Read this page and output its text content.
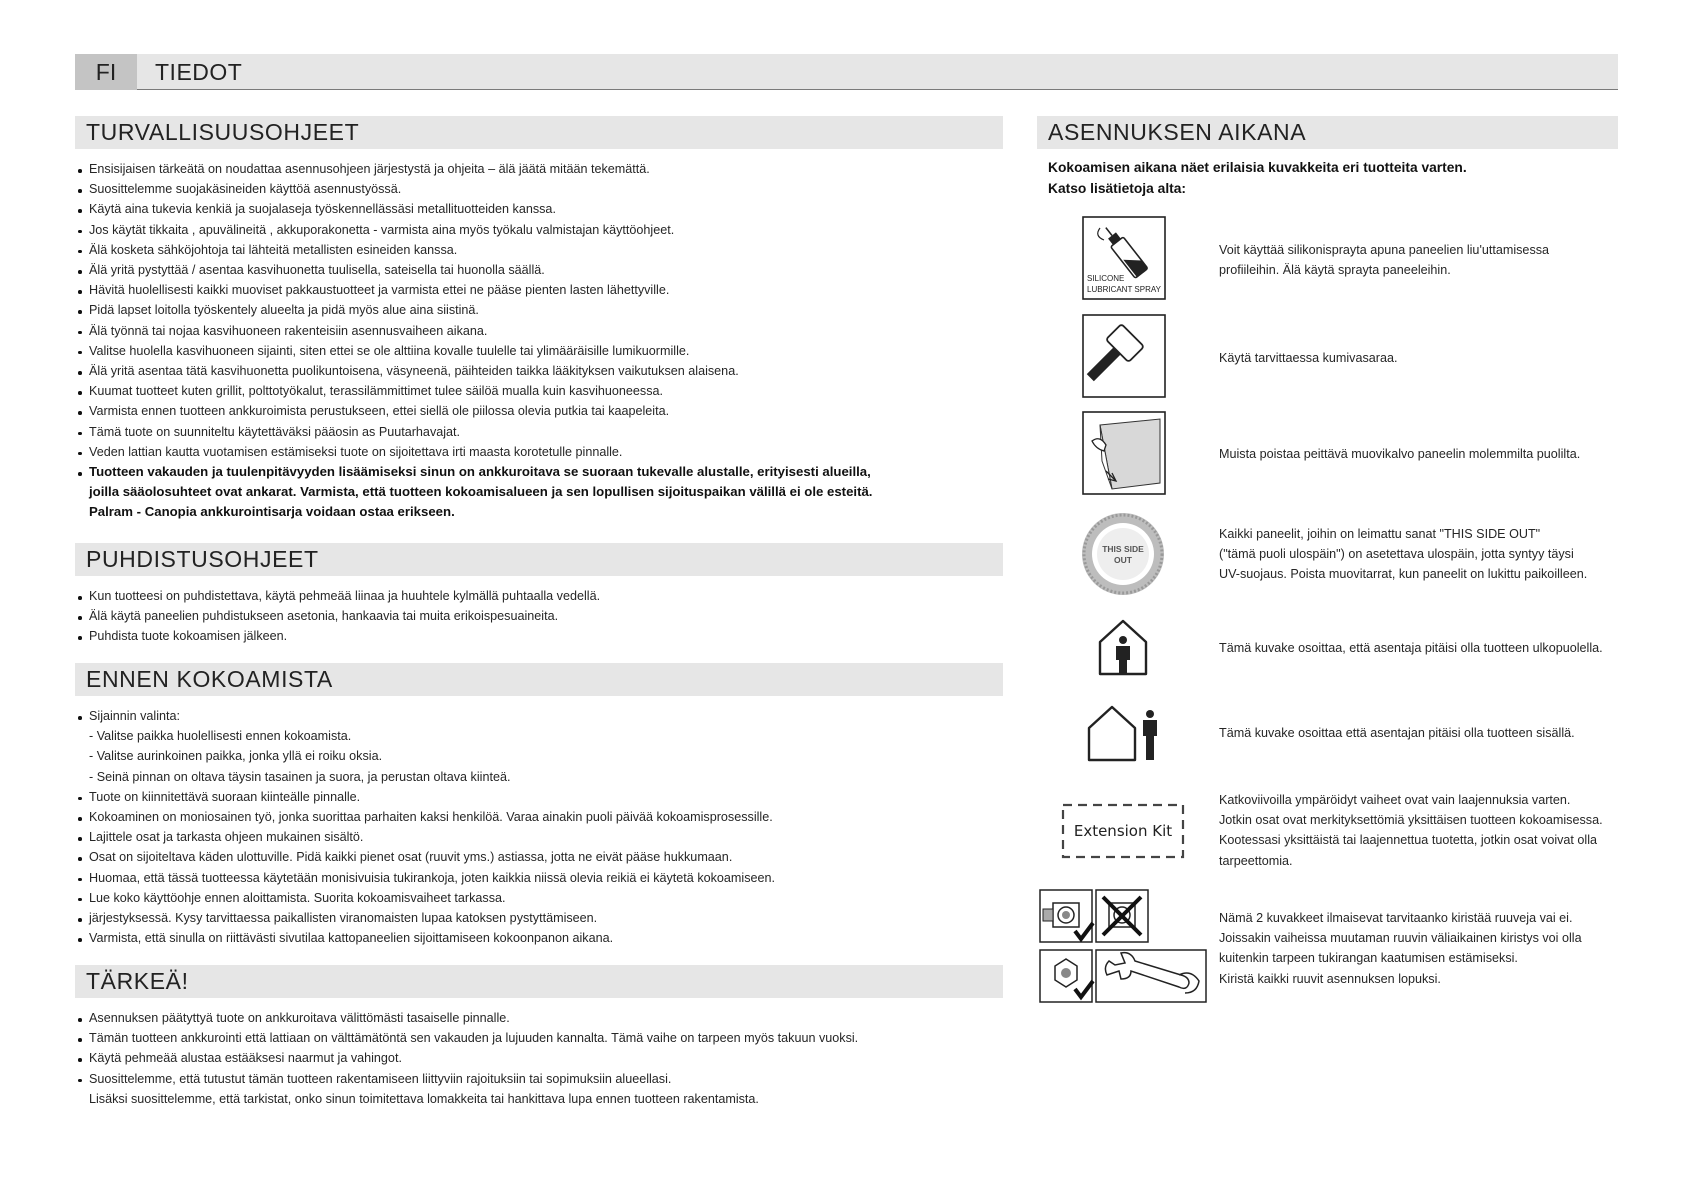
FI	TIEDOT
TURVALLISUUSOHJEET
Ensisijaisen tärkeätä on noudattaa asennusohjeen järjestystä ja ohjeita – älä jäätä mitään tekemättä.
Suosittelemme suojakäsineiden käyttöä asennustyössä.
Käytä aina tukevia kenkiä ja suojalaseja työskennellässäsi metallituotteiden kanssa.
Jos käytät tikkaita , apuvälineitä , akkuporakonetta - varmista aina myös työkalu valmistajan käyttöohjeet.
Älä kosketa sähköjohtoja tai lähteitä metallisten esineiden kanssa.
Älä yritä pystyttää / asentaa kasvihuonetta tuulisella, sateisella tai huonolla säällä.
Hävitä huolellisesti kaikki muoviset pakkaustuotteet ja varmista ettei ne pääse pienten lasten lähettyville.
Pidä lapset loitolla työskentely alueelta ja pidä myös alue aina siistinä.
Älä työnnä tai nojaa kasvihuoneen rakenteisiin asennusvaiheen aikana.
Valitse huolella kasvihuoneen sijainti, siten ettei se ole alttiina kovalle tuulelle tai ylimääräisille lumikuormille.
Älä yritä asentaa tätä kasvihuonetta puolikuntoisena, väsyneenä, päihteiden taikka lääkityksen vaikutuksen alaisena.
Kuumat tuotteet kuten grillit, polttotyökalut, terassilämmittimet tulee säilöä mualla kuin kasvihuoneessa.
Varmista ennen tuotteen ankkuroimista perustukseen, ettei siellä ole piilossa olevia putkia tai kaapeleita.
Tämä tuote on suunniteltu käytettäväksi pääosin as Puutarhavajat.
Veden lattian kautta vuotamisen estämiseksi tuote on sijoitettava irti maasta korotetulle pinnalle.
Tuotteen vakauden ja tuulenpitävyyden lisäämiseksi sinun on ankkuroitava se suoraan tukevalle alustalle, erityisesti alueilla,
joilla sääolosuhteet ovat ankarat. Varmista, että tuotteen kokoamisalueen ja sen lopullisen sijoituspaikan välillä ei ole esteitä.
Palram - Canopia ankkurointisarja voidaan ostaa erikseen.
PUHDISTUSOHJEET
Kun tuotteesi on puhdistettava, käytä pehmeää liinaa ja huuhtele kylmällä puhtaalla vedellä.
Älä käytä paneelien puhdistukseen asetonia, hankaavia tai muita erikoispesuaineita.
Puhdista tuote kokoamisen jälkeen.
ENNEN KOKOAMISTA
Sijainnin valinta:
- Valitse paikka huolellisesti ennen kokoamista.
- Valitse aurinkoinen paikka, jonka yllä ei roiku oksia.
- Seinä pinnan on oltava täysin tasainen ja suora, ja perustan oltava kiinteä.
Tuote on kiinnitettävä suoraan kiinteälle pinnalle.
Kokoaminen on moniosainen työ, jonka suorittaa parhaiten kaksi henkilöä. Varaa ainakin puoli päivää kokoamisprosessille.
Lajittele osat ja tarkasta ohjeen mukainen sisältö.
Osat on sijoiteltava käden ulottuville. Pidä kaikki pienet osat (ruuvit yms.) astiassa, jotta ne eivät pääse hukkumaan.
Huomaa, että tässä tuotteessa käytetään monisivuisia tukirankoja, joten kaikkia niissä olevia reikiä ei käytetä kokoamiseen.
Lue koko käyttöohje ennen aloittamista. Suorita kokoamisvaiheet tarkassa.
järjestyksessä. Kysy tarvittaessa paikallisten viranomaisten lupaa katoksen pystyttämiseen.
Varmista, että sinulla on riittävästi sivutilaa kattopaneelien sijoittamiseen kokoonpanon aikana.
TÄRKEÄ!
Asennuksen päätyttyä tuote on ankkuroitava välittömästi tasaiselle pinnalle.
Tämän tuotteen ankkurointi että lattiaan on välttämätöntä sen vakauden ja lujuuden kannalta. Tämä vaihe on tarpeen myös takuun vuoksi.
Käytä pehmeää alustaa estääksesi naarmut ja vahingot.
Suosittelemme, että tutustut tämän tuotteen rakentamiseen liittyviin rajoituksiin tai sopimuksiin alueellasi.
Lisäksi suosittelemme, että tarkistat, onko sinun toimitettava lomakkeita tai hankittava lupa ennen tuotteen rakentamista.
ASENNUKSEN AIKANA
Kokoamisen aikana näet erilaisia kuvakkeita eri tuotteita varten.
Katso lisätietoja alta:
SILICONE
LUBRICANT SPRAY
Voit käyttää silikonisprayta apuna paneelien liu'uttamisessa
profiileihin. Älä käytä sprayta paneeleihin.
Käytä tarvittaessa kumivasaraa.
Muista poistaa peittävä muovikalvo paneelin molemmilta puolilta.
THIS SIDE
OUT
Kaikki paneelit, joihin on leimattu sanat "THIS SIDE OUT"
("tämä puoli ulospäin") on asetettava ulospäin, jotta syntyy täysi
UV-suojaus. Poista muovitarrat, kun paneelit on lukittu paikoilleen.
Tämä kuvake osoittaa, että asentaja pitäisi olla tuotteen ulkopuolella.
Tämä kuvake osoittaa että asentajan pitäisi olla tuotteen sisällä.
Extension Kit
Katkoviivoilla ympäröidyt vaiheet ovat vain laajennuksia varten.
Jotkin osat ovat merkityksettömiä yksittäisen tuotteen kokoamisessa.
Kootessasi yksittäistä tai laajennettua tuotetta, jotkin osat voivat olla
tarpeettomia.
Nämä 2 kuvakkeet ilmaisevat tarvitaanko kiristää ruuveja vai ei.
Joissakin vaiheissa muutaman ruuvin väliaikainen kiristys voi olla
kuitenkin tarpeen tukirangan kaatumisen estämiseksi.
Kiristä kaikki ruuvit asennuksen lopuksi.
